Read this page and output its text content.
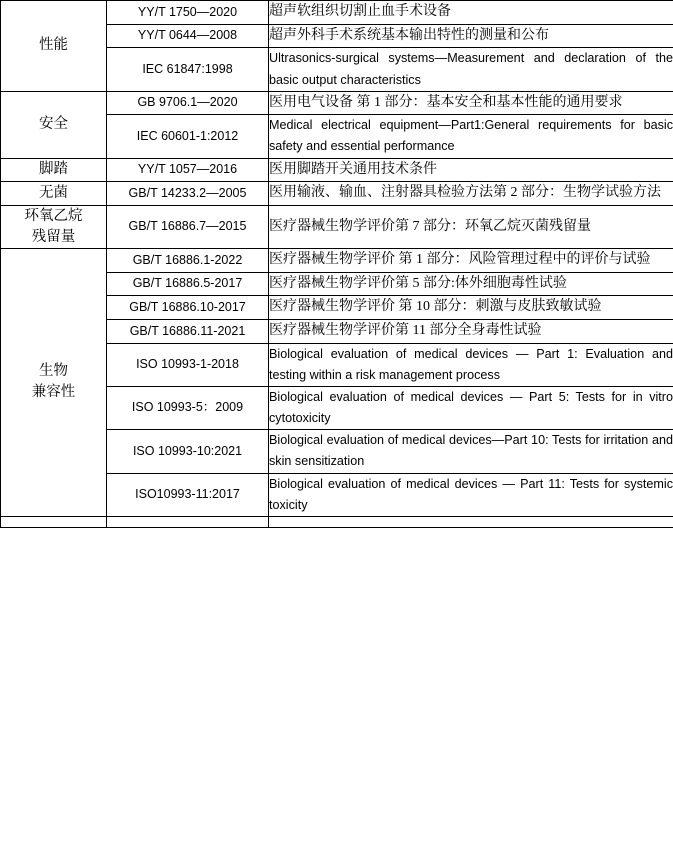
性能	YY/T 1750—2020	超声软组织切割止血手术设备
	YY/T 0644—2008	超声外科手术系统基本输出特性的测量和公布
	IEC 61847:1998	Ultrasonics-surgical systems—Measurement and declaration of the basic output characteristics

安全	GB 9706.1—2020	医用电气设备 第 1 部分：基本安全和基本性能的通用要求
	IEC 60601-1:2012	Medical electrical equipment—Part1:General requirements for basic safety and essential performance

脚踏	YY/T 1057—2016	医用脚踏开关通用技术条件

无菌	GB/T 14233.2—2005	医用输液、输血、注射器具检验方法第 2 部分：生物学试验方法

环氧乙烷
残留量	GB/T 16886.7—2015	医疗器械生物学评价第 7 部分：环氧乙烷灭菌残留量

生物
兼容性	GB/T 16886.1-2022	医疗器械生物学评价 第 1 部分：风险管理过程中的评价与试验
	GB/T 16886.5-2017	医疗器械生物学评价第 5 部分:体外细胞毒性试验
	GB/T 16886.10-2017	医疗器械生物学评价 第 10 部分：刺激与皮肤致敏试验
	GB/T 16886.11-2021	医疗器械生物学评价第 11 部分全身毒性试验
	ISO 10993-1-2018	Biological evaluation of medical devices — Part 1: Evaluation and testing within a risk management process
	ISO 10993-5：2009	Biological evaluation of medical devices — Part 5: Tests for in vitro cytotoxicity
	ISO 10993-10:2021	Biological evaluation of medical devices—Part 10: Tests for irritation and skin sensitization
	ISO10993-11:2017	Biological evaluation of medical devices — Part 11: Tests for systemic toxicity
